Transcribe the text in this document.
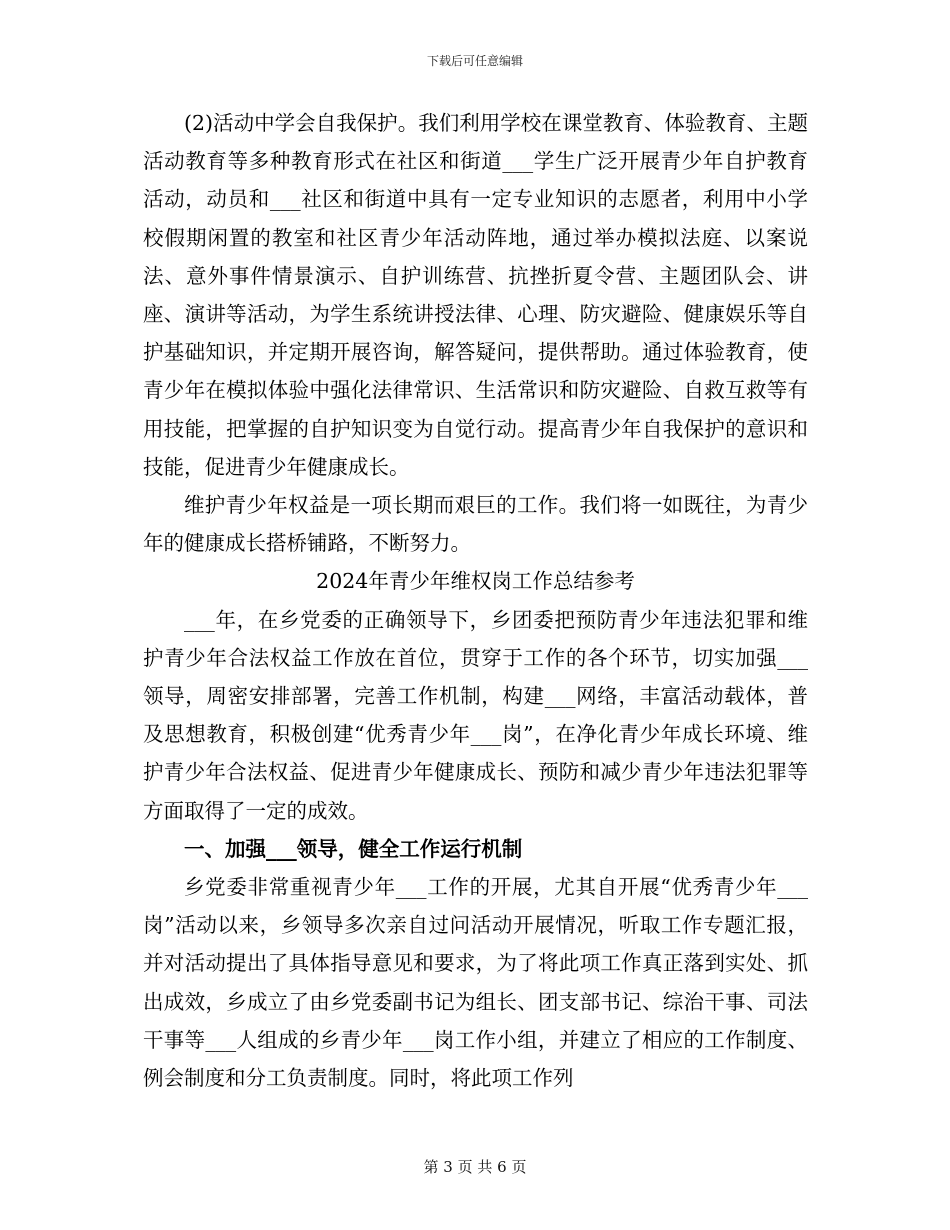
下载后可任意编辑

(2)活动中学会自我保护。我们利用学校在课堂教育、体验教育、主题活动教育等多种教育形式在社区和街道___学生广泛开展青少年自护教育活动，动员和___社区和街道中具有一定专业知识的志愿者，利用中小学校假期闲置的教室和社区青少年活动阵地，通过举办模拟法庭、以案说法、意外事件情景演示、自护训练营、抗挫折夏令营、主题团队会、讲座、演讲等活动，为学生系统讲授法律、心理、防灾避险、健康娱乐等自护基础知识，并定期开展咨询，解答疑问，提供帮助。通过体验教育，使青少年在模拟体验中强化法律常识、生活常识和防灾避险、自救互救等有用技能，把掌握的自护知识变为自觉行动。提高青少年自我保护的意识和技能，促进青少年健康成长。

维护青少年权益是一项长期而艰巨的工作。我们将一如既往，为青少年的健康成长搭桥铺路，不断努力。

2024年青少年维权岗工作总结参考

___年，在乡党委的正确领导下，乡团委把预防青少年违法犯罪和维护青少年合法权益工作放在首位，贯穿于工作的各个环节，切实加强___领导，周密安排部署，完善工作机制，构建___网络，丰富活动载体，普及思想教育，积极创建“优秀青少年___岗”，在净化青少年成长环境、维护青少年合法权益、促进青少年健康成长、预防和减少青少年违法犯罪等方面取得了一定的成效。

一、加强___领导，健全工作运行机制

乡党委非常重视青少年___工作的开展，尤其自开展“优秀青少年___岗”活动以来，乡领导多次亲自过问活动开展情况，听取工作专题汇报，并对活动提出了具体指导意见和要求，为了将此项工作真正落到实处、抓出成效，乡成立了由乡党委副书记为组长、团支部书记、综治干事、司法干事等___人组成的乡青少年___岗工作小组，并建立了相应的工作制度、例会制度和分工负责制度。同时，将此项工作列

第 3 页 共 6 页
